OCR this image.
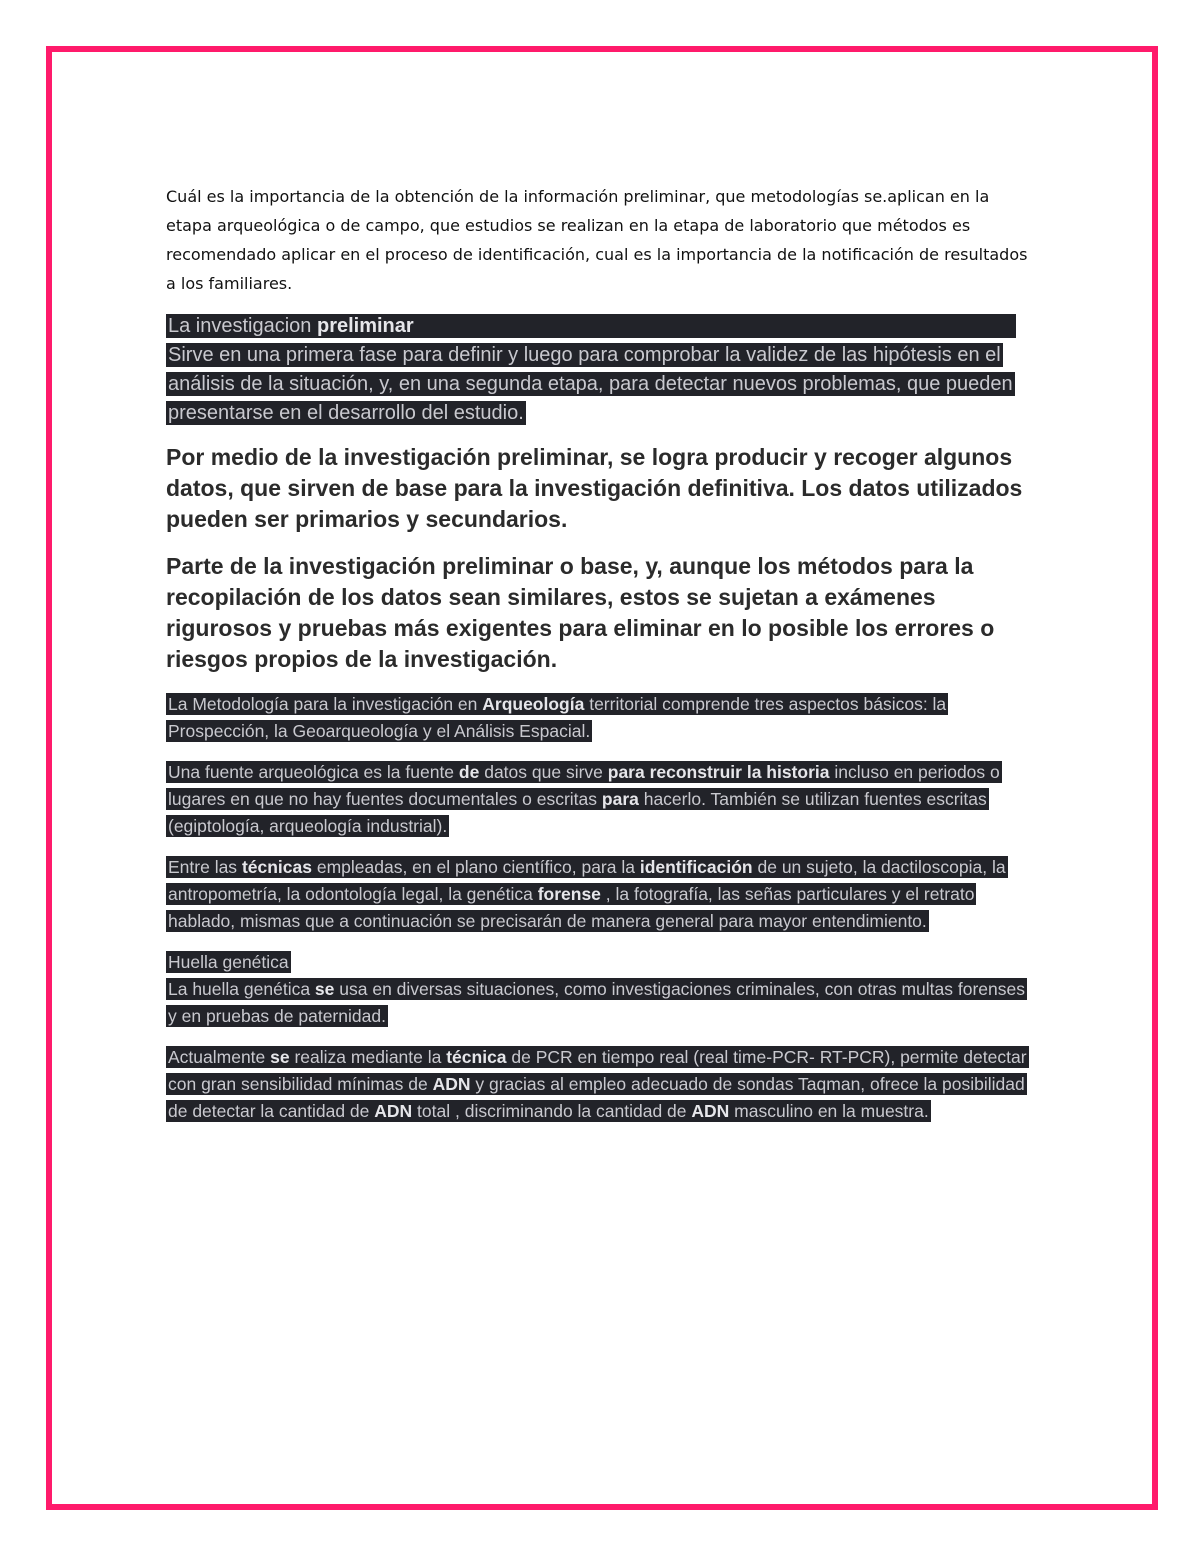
Cuál es la importancia de la obtención de la información preliminar, que metodologías se.aplican en la etapa arqueológica o de campo, que estudios se realizan en la etapa de laboratorio que métodos es recomendado aplicar en el proceso de identificación, cual es la importancia de la notificación de resultados a los familiares.

La investigacion preliminar                              
Sirve en una primera fase para definir y luego para comprobar la validez de las hipótesis en el análisis de la situación, y, en una segunda etapa, para detectar nuevos problemas, que pueden presentarse en el desarrollo del estudio.

Por medio de la investigación preliminar, se logra producir y recoger algunos datos, que sirven de base para la investigación definitiva. Los datos utilizados pueden ser primarios y secundarios.

Parte de la investigación preliminar o base, y, aunque los métodos para la recopilación de los datos sean similares, estos se sujetan a exámenes rigurosos y pruebas más exigentes para eliminar en lo posible los errores o riesgos propios de la investigación.

La Metodología para la investigación en Arqueología territorial comprende tres aspectos básicos: la Prospección, la Geoarqueología y el Análisis Espacial.
Una fuente arqueológica es la fuente de datos que sirve para reconstruir la historia incluso en periodos o lugares en que no hay fuentes documentales o escritas para hacerlo. También se utilizan fuentes escritas (egiptología, arqueología industrial).
Entre las técnicas empleadas, en el plano científico, para la identificación de un sujeto, la dactiloscopia, la antropometría, la odontología legal, la genética forense , la fotografía, las señas particulares y el retrato hablado, mismas que a continuación se precisarán de manera general para mayor entendimiento.
Huella genética
La huella genética se usa en diversas situaciones, como investigaciones criminales, con otras multas forenses y en pruebas de paternidad.
Actualmente se realiza mediante la técnica de PCR en tiempo real (real time-PCR- RT-PCR), permite detectar con gran sensibilidad mínimas de ADN y gracias al empleo adecuado de sondas Taqman, ofrece la posibilidad de detectar la cantidad de ADN total , discriminando la cantidad de ADN masculino en la muestra.
